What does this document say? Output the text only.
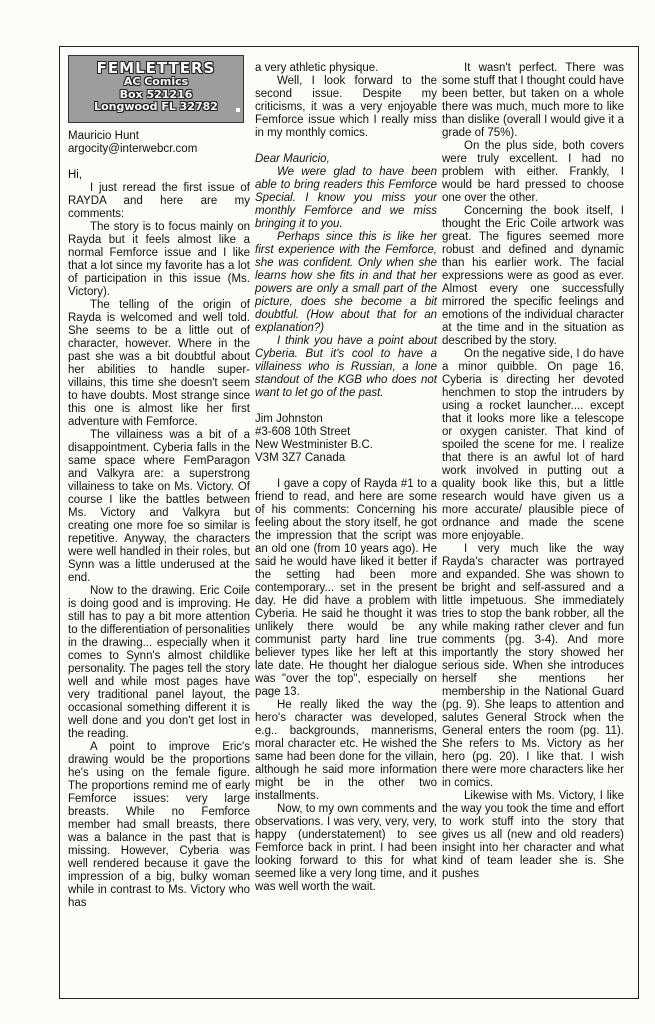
FEMLETTERS
AC Comics
Box 521216
Longwood FL 32782

Mauricio Hunt

argocity@interwebcr.com

Hi,

I just reread the first issue of RAYDA and here are my comments:

The story is to focus mainly on Rayda but it feels almost like a normal Femforce issue and I like that a lot since my favorite has a lot of participation in this issue (Ms. Victory).

The telling of the origin of Rayda is welcomed and well told. She seems to be a little out of character, however. Where in the past she was a bit doubtful about her abilities to handle super-villains, this time she doesn't seem to have doubts. Most strange since this one is almost like her first adventure with Femforce.

The villainess was a bit of a disappointment. Cyberia falls in the same space where FemParagon and Valkyra are: a superstrong villainess to take on Ms. Victory. Of course I like the battles between Ms. Victory and Valkyra but creating one more foe so similar is repetitive. Anyway, the characters were well handled in their roles, but Synn was a little underused at the end.

Now to the drawing. Eric Coile is doing good and is improving. He still has to pay a bit more attention to the differentiation of personalities in the drawing... especially when it comes to Synn's almost childlike personality. The pages tell the story well and while most pages have very traditional panel layout, the occasional something different it is well done and you don't get lost in the reading.

A point to improve Eric's drawing would be the proportions he's using on the female figure. The proportions remind me of early Femforce issues: very large breasts. While no Femforce member had small breasts, there was a balance in the past that is missing. However, Cyberia was well rendered because it gave the impression of a big, bulky woman while in contrast to Ms. Victory who has

a very athletic physique.

Well, I look forward to the second issue. Despite my criticisms, it was a very enjoyable Femforce issue which I really miss in my monthly comics.

Dear Mauricio,

We were glad to have been able to bring readers this Femforce Special. I know you miss your monthly Femforce and we miss bringing it to you.

Perhaps since this is like her first experience with the Femforce, she was confident. Only when she learns how she fits in and that her powers are only a small part of the picture, does she become a bit doubtful. (How about that for an explanation?)

I think you have a point about Cyberia. But it's cool to have a villainess who is Russian, a lone standout of the KGB who does not want to let go of the past.

Jim Johnston
#3-608 10th Street
New Westminister B.C.
V3M 3Z7 Canada

I gave a copy of Rayda #1 to a friend to read, and here are some of his comments: Concerning his feeling about the story itself, he got the impression that the script was an old one (from 10 years ago). He said he would have liked it better if the setting had been more contemporary... set in the present day. He did have a problem with Cyberia. He said he thought it was unlikely there would be any communist party hard line true believer types like her left at this late date. He thought her dialogue was "over the top", especially on page 13.

He really liked the way the hero's character was developed, e.g.. backgrounds, mannerisms, moral character etc. He wished the same had been done for the villain, although he said more information might be in the other two installments.

Now, to my own comments and observations. I was very, very, very, happy (understatement) to see Femforce back in print. I had been looking forward to this for what seemed like a very long time, and it was well worth the wait.

It wasn't perfect. There was some stuff that I thought could have been better, but taken on a whole there was much, much more to like than dislike (overall I would give it a grade of 75%).

On the plus side, both covers were truly excellent. I had no problem with either. Frankly, I would be hard pressed to choose one over the other.

Concerning the book itself, I thought the Eric Coile artwork was great. The figures seemed more robust and defined and dynamic than his earlier work. The facial expressions were as good as ever. Almost every one successfully mirrored the specific feelings and emotions of the individual character at the time and in the situation as described by the story.

On the negative side, I do have a minor quibble. On page 16, Cyberia is directing her devoted henchmen to stop the intruders by using a rocket launcher.... except that it looks more like a telescope or oxygen canister. That kind of spoiled the scene for me. I realize that there is an awful lot of hard work involved in putting out a quality book like this, but a little research would have given us a more accurate/ plausible piece of ordnance and made the scene more enjoyable.

I very much like the way Rayda's character was portrayed and expanded. She was shown to be bright and self-assured and a little impetuous. She immediately tries to stop the bank robber, all the while making rather clever and fun comments (pg. 3-4). And more importantly the story showed her serious side. When she introduces herself she mentions her membership in the National Guard (pg. 9). She leaps to attention and salutes General Strock when the General enters the room (pg. 11). She refers to Ms. Victory as her hero (pg. 20). I like that. I wish there were more characters like her in comics.

Likewise with Ms. Victory, I like the way you took the time and effort to work stuff into the story that gives us all (new and old readers) insight into her character and what kind of team leader she is. She pushes
